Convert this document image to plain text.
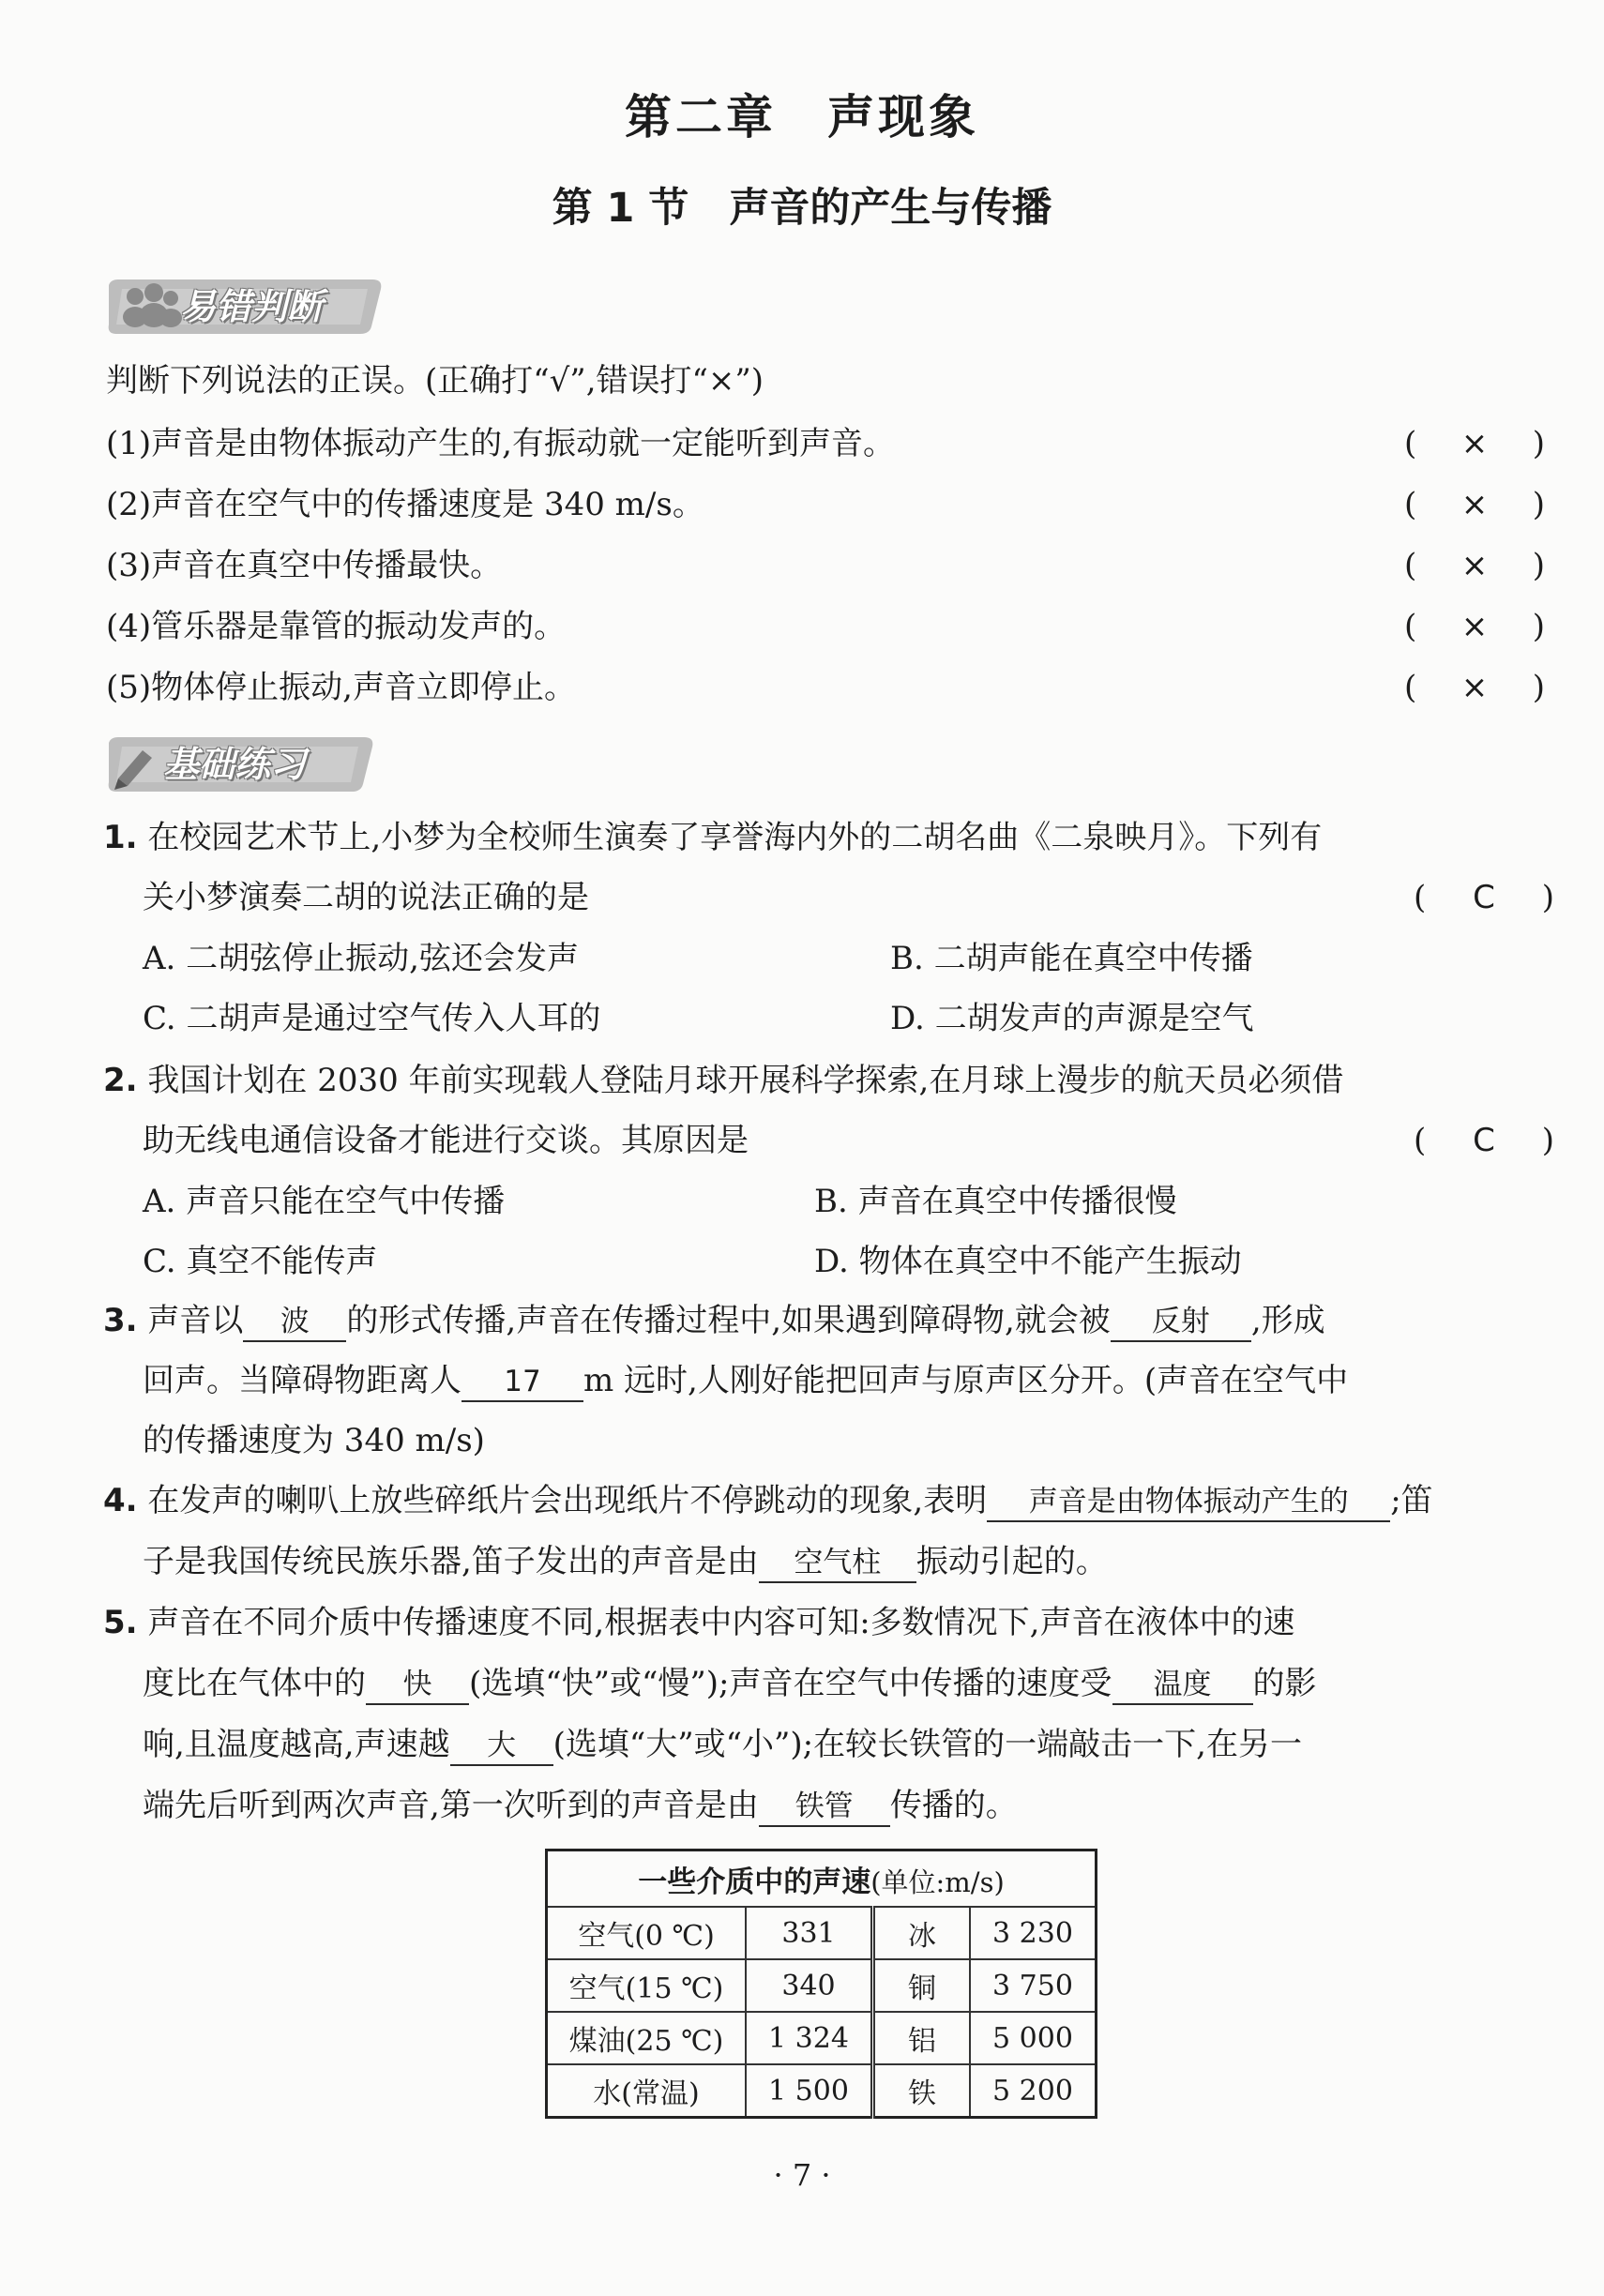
第二章　声现象
第 1 节　声音的产生与传播
易错判断
判断下列说法的正误。(正确打“√”,错误打“×”)
(1)声音是由物体振动产生的,有振动就一定能听到声音。	(	×	)
(2)声音在空气中的传播速度是 340 m/s。	(	×	)
(3)声音在真空中传播最快。	(	×	)
(4)管乐器是靠管的振动发声的。	(	×	)
(5)物体停止振动,声音立即停止。	(	×	)
基础练习
1. 在校园艺术节上,小梦为全校师生演奏了享誉海内外的二胡名曲《二泉映月》。下列有
关小梦演奏二胡的说法正确的是	(	C	)
A. 二胡弦停止振动,弦还会发声	B. 二胡声能在真空中传播
C. 二胡声是通过空气传入人耳的	D. 二胡发声的声源是空气
2. 我国计划在 2030 年前实现载人登陆月球开展科学探索,在月球上漫步的航天员必须借
助无线电通信设备才能进行交谈。其原因是	(	C	)
A. 声音只能在空气中传播	B. 声音在真空中传播很慢
C. 真空不能传声	D. 物体在真空中不能产生振动
3. 声音以 波 的形式传播,声音在传播过程中,如果遇到障碍物,就会被 反射 ,形成
回声。当障碍物距离人 17 m 远时,人刚好能把回声与原声区分开。(声音在空气中
的传播速度为 340 m/s)
4. 在发声的喇叭上放些碎纸片会出现纸片不停跳动的现象,表明 声音是由物体振动产生的 ;笛
子是我国传统民族乐器,笛子发出的声音是由 空气柱 振动引起的。
5. 声音在不同介质中传播速度不同,根据表中内容可知:多数情况下,声音在液体中的速
度比在气体中的 快 (选填“快”或“慢”);声音在空气中传播的速度受 温度 的影
响,且温度越高,声速越 大 (选填“大”或“小”);在较长铁管的一端敲击一下,在另一
端先后听到两次声音,第一次听到的声音是由 铁管 传播的。
一些介质中的声速(单位:m/s)			
空气(0 ℃)	331	冰	3 230
空气(15 ℃)	340	铜	3 750
煤油(25 ℃)	1 324	铝	5 000
水(常温)	1 500	铁	5 200
· 7 ·
